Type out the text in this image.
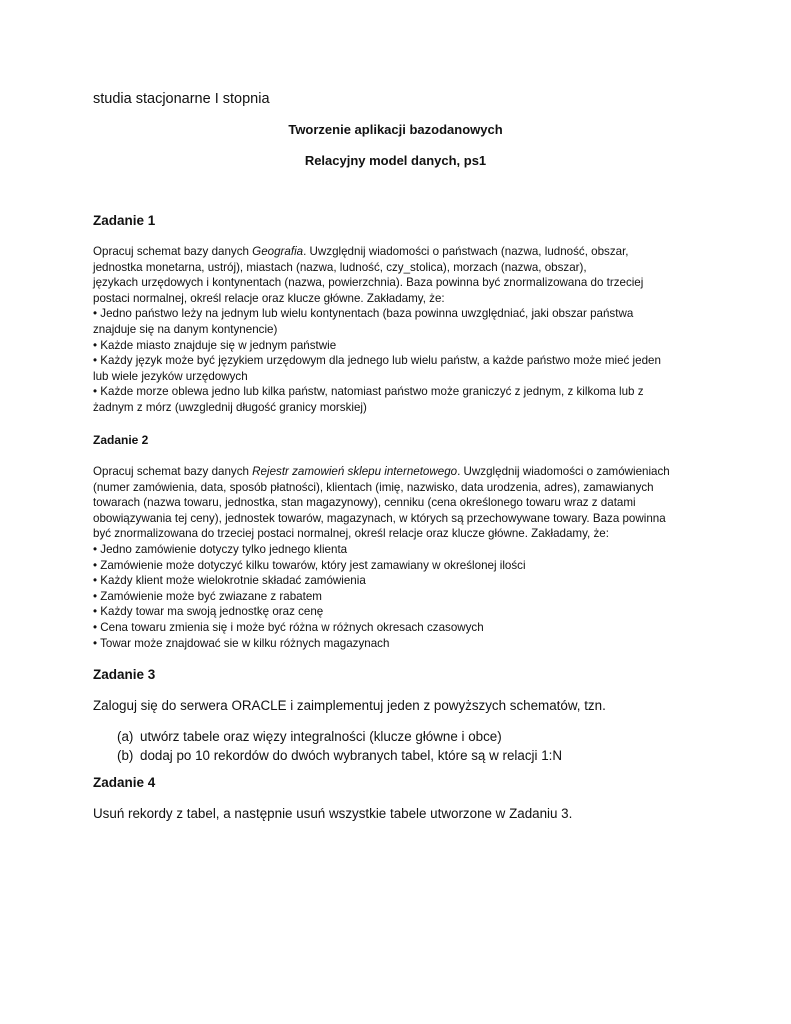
studia stacjonarne I stopnia
Tworzenie aplikacji bazodanowych
Relacyjny model danych, ps1
Zadanie 1
Opracuj schemat bazy danych Geografia. Uwzględnij wiadomości o państwach (nazwa, ludność, obszar,
jednostka monetarna, ustrój), miastach (nazwa, ludność, czy_stolica), morzach (nazwa, obszar),
językach urzędowych i kontynentach (nazwa, powierzchnia). Baza powinna być znormalizowana do trzeciej
postaci normalnej, określ relacje oraz klucze główne. Zakładamy, że:
• Jedno państwo leży na jednym lub wielu kontynentach (baza powinna uwzględniać, jaki obszar państwa
znajduje się na danym kontynencie)
• Każde miasto znajduje się w jednym państwie
• Każdy język może być językiem urzędowym dla jednego lub wielu państw, a każde państwo może mieć jeden
lub wiele jezyków urzędowych
• Każde morze oblewa jedno lub kilka państw, natomiast państwo może graniczyć z jednym, z kilkoma lub z
żadnym z mórz (uwzglednij długość granicy morskiej)
Zadanie 2
Opracuj schemat bazy danych Rejestr zamowień sklepu internetowego. Uwzględnij wiadomości o zamówieniach
(numer zamówienia, data, sposób płatności), klientach (imię, nazwisko, data urodzenia, adres), zamawianych
towarach (nazwa towaru, jednostka, stan magazynowy), cenniku (cena określonego towaru wraz z datami
obowiązywania tej ceny), jednostek towarów, magazynach, w których są przechowywane towary. Baza powinna
być znormalizowana do trzeciej postaci normalnej, określ relacje oraz klucze główne. Zakładamy, że:
• Jedno zamówienie dotyczy tylko jednego klienta
• Zamówienie może dotyczyć kilku towarów, który jest zamawiany w określonej ilości
• Każdy klient może wielokrotnie składać zamówienia
• Zamówienie może być zwiazane z rabatem
• Każdy towar ma swoją jednostkę oraz cenę
• Cena towaru zmienia się i może być różna w różnych okresach czasowych
• Towar może znajdować sie w kilku różnych magazynach
Zadanie 3
Zaloguj się do serwera ORACLE i zaimplementuj jeden z powyższych schematów, tzn.
(a) utwórz tabele oraz więzy integralności (klucze główne i obce)
(b) dodaj po 10 rekordów do dwóch wybranych tabel, które są w relacji 1:N
Zadanie 4
Usuń rekordy z tabel, a następnie usuń wszystkie tabele utworzone w Zadaniu 3.
